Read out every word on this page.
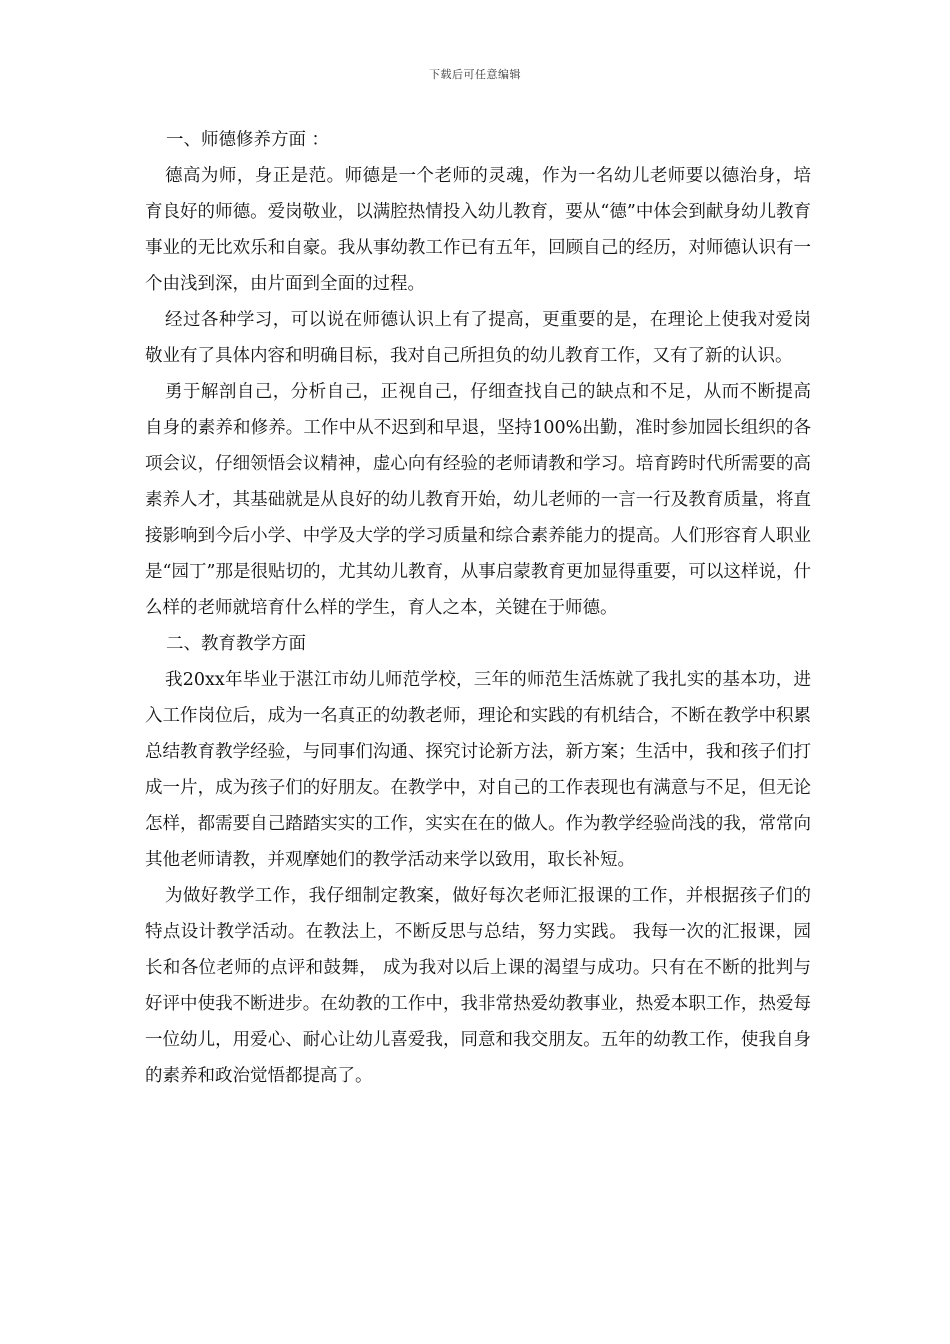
下载后可任意编辑

一、师德修养方面 ：

德高为师，身正是范。师德是一个老师的灵魂，作为一名幼儿老师要以德治身，培育良好的师德。爱岗敬业，以满腔热情投入幼儿教育，要从“德”中体会到献身幼儿教育事业的无比欢乐和自豪。我从事幼教工作已有五年，回顾自己的经历，对师德认识有一个由浅到深，由片面到全面的过程。

经过各种学习，可以说在师德认识上有了提高，更重要的是，在理论上使我对爱岗敬业有了具体内容和明确目标，我对自己所担负的幼儿教育工作，又有了新的认识。

勇于解剖自己，分析自己，正视自己，仔细查找自己的缺点和不足，从而不断提高自身的素养和修养。工作中从不迟到和早退，坚持100%出勤，准时参加园长组织的各项会议，仔细领悟会议精神，虚心向有经验的老师请教和学习。培育跨时代所需要的高素养人才，其基础就是从良好的幼儿教育开始，幼儿老师的一言一行及教育质量，将直接影响到今后小学、中学及大学的学习质量和综合素养能力的提高。人们形容育人职业是“园丁”那是很贴切的，尤其幼儿教育，从事启蒙教育更加显得重要，可以这样说，什么样的老师就培育什么样的学生，育人之本，关键在于师德。

二、教育教学方面

我20xx年毕业于湛江市幼儿师范学校，三年的师范生活炼就了我扎实的基本功，进入工作岗位后，成为一名真正的幼教老师，理论和实践的有机结合，不断在教学中积累总结教育教学经验，与同事们沟通、探究讨论新方法，新方案；生活中，我和孩子们打成一片，成为孩子们的好朋友。在教学中，对自己的工作表现也有满意与不足，但无论怎样，都需要自己踏踏实实的工作，实实在在的做人。作为教学经验尚浅的我，常常向其他老师请教，并观摩她们的教学活动来学以致用，取长补短。

为做好教学工作，我仔细制定教案，做好每次老师汇报课的工作，并根据孩子们的特点设计教学活动。在教法上，不断反思与总结，努力实践。 我每一次的汇报课，园长和各位老师的点评和鼓舞， 成为我对以后上课的渴望与成功。只有在不断的批判与好评中使我不断进步。在幼教的工作中，我非常热爱幼教事业，热爱本职工作，热爱每一位幼儿，用爱心、耐心让幼儿喜爱我，同意和我交朋友。五年的幼教工作，使我自身的素养和政治觉悟都提高了。
